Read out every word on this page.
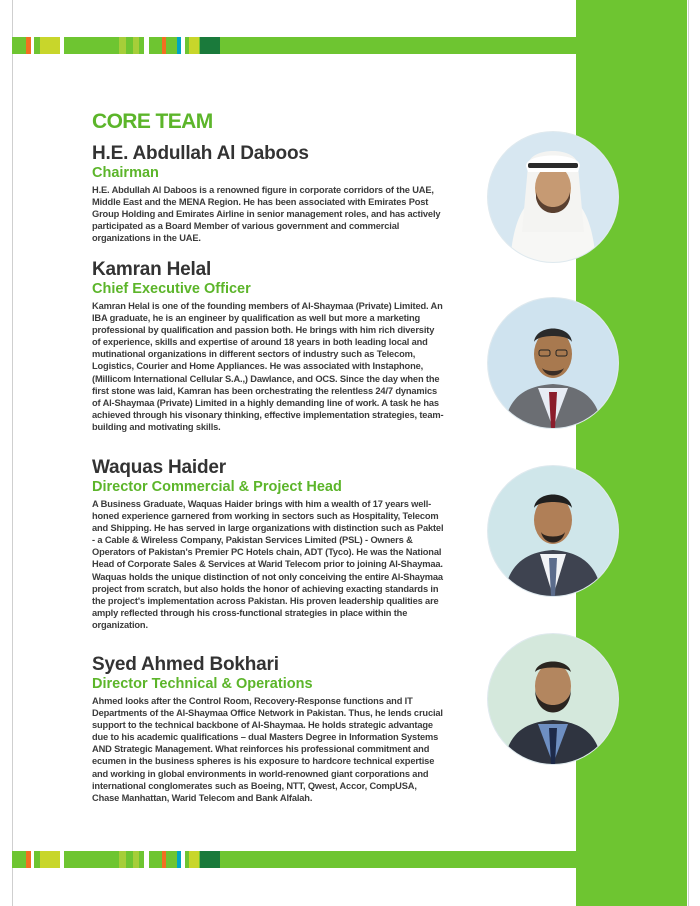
CORE TEAM
H.E. Abdullah Al Daboos
Chairman

H.E. Abdullah Al Daboos is a renowned figure in corporate corridors of the UAE, Middle East and the MENA Region. He has been associated with Emirates Post Group Holding and Emirates Airline in senior management roles, and has actively participated as a Board Member of various government and commercial organizations in the UAE.

Kamran Helal
Chief Executive Officer

Kamran Helal is one of the founding members of Al-Shaymaa (Private) Limited. An IBA graduate, he is an engineer by qualification as well but more a marketing professional by qualification and passion both. He brings with him rich diversity of experience, skills and expertise of around 18 years in both leading local and mutinational organizations in different sectors of industry such as Telecom, Logistics, Courier and Home Appliances. He was associated with Instaphone, (Millicom International Cellular S.A.,) Dawlance, and OCS. Since the day when the first stone was laid, Kamran has been orchestrating the relentless 24/7 dynamics of Al-Shaymaa (Private) Limited in a highly demanding line of work. A task he has achieved through his visonary thinking, effective implementation strategies, team-building and motivating skills.

Waquas Haider
Director Commercial & Project Head

A Business Graduate, Waquas Haider brings with him a wealth of 17 years well-honed experience garnered from working in sectors such as Hospitality, Telecom and Shipping. He has served in large organizations with distinction such as Paktel - a Cable & Wireless Company, Pakistan Services Limited (PSL) - Owners & Operators of Pakistan's Premier PC Hotels chain, ADT (Tyco). He was the National Head of Corporate Sales & Services at Warid Telecom prior to joining Al-Shaymaa. Waquas holds the unique distinction of not only conceiving the entire Al-Shaymaa project from scratch, but also holds the honor of achieving exacting standards in the project's implementation across Pakistan. His proven leadership qualities are amply reflected through his cross-functional strategies in place within the organization.

Syed Ahmed Bokhari
Director Technical & Operations

Ahmed looks after the Control Room, Recovery-Response functions and IT Departments of the Al-Shaymaa Office Network in Pakistan. Thus, he lends crucial support to the technical backbone of Al-Shaymaa. He holds strategic advantage due to his academic qualifications – dual Masters Degree in Information Systems AND Strategic Management. What reinforces his professional commitment and ecumen in the business spheres is his exposure to hardcore technical expertise and working in global environments in world-renowned giant corporations and international conglomerates such as Boeing, NTT, Qwest, Accor, CompUSA, Chase Manhattan, Warid Telecom and Bank Alfalah.
